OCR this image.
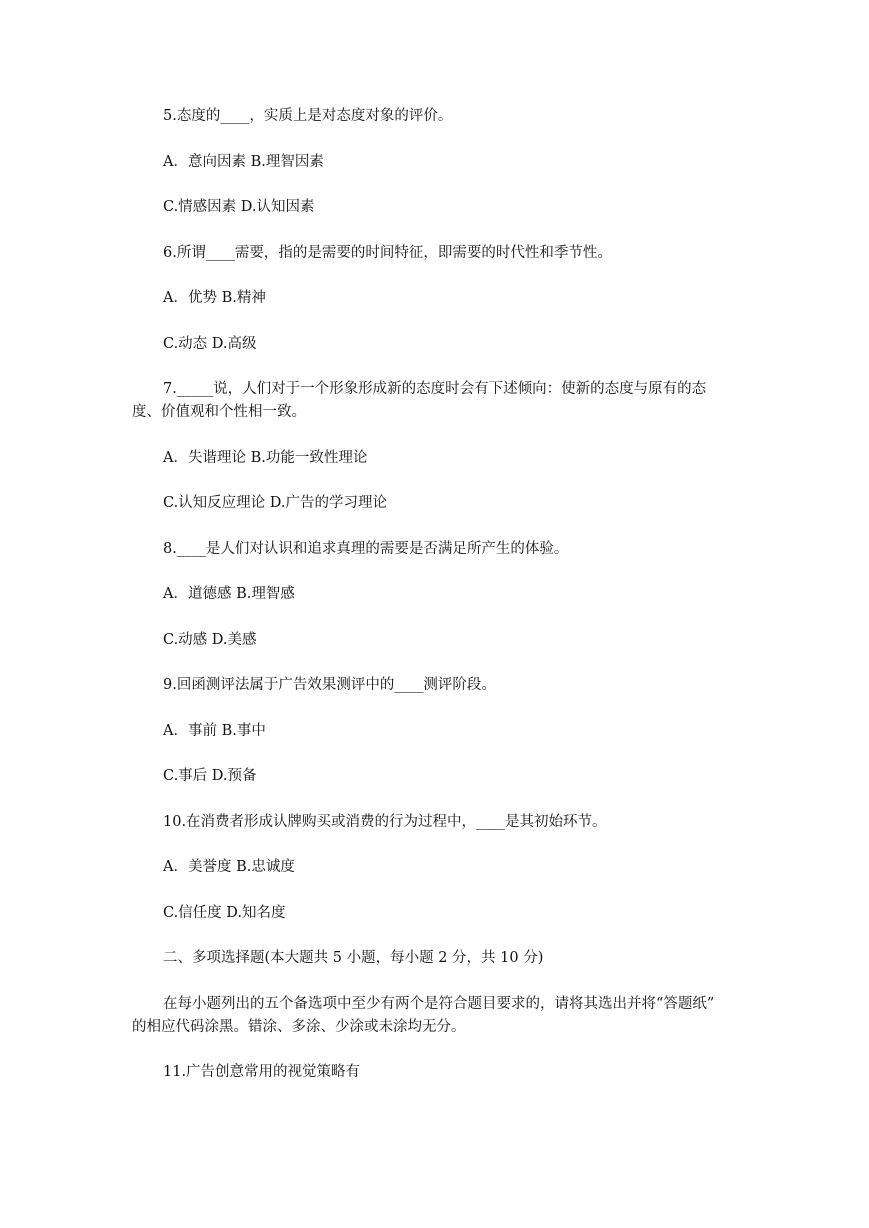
5.态度的____，实质上是对态度对象的评价。
A．意向因素 B.理智因素
C.情感因素 D.认知因素
6.所谓____需要，指的是需要的时间特征，即需要的时代性和季节性。
A．优势 B.精神
C.动态 D.高级
7._____说，人们对于一个形象形成新的态度时会有下述倾向：使新的态度与原有的态
度、价值观和个性相一致。
A．失谐理论 B.功能一致性理论
C.认知反应理论 D.广告的学习理论
8.____是人们对认识和追求真理的需要是否满足所产生的体验。
A．道德感 B.理智感
C.动感 D.美感
9.回函测评法属于广告效果测评中的____测评阶段。
A．事前 B.事中
C.事后 D.预备
10.在消费者形成认牌购买或消费的行为过程中，____是其初始环节。
A．美誉度 B.忠诚度
C.信任度 D.知名度
二、多项选择题(本大题共 5 小题，每小题 2 分，共 10 分)
在每小题列出的五个备选项中至少有两个是符合题目要求的，请将其选出并将“答题纸”
的相应代码涂黑。错涂、多涂、少涂或未涂均无分。
11.广告创意常用的视觉策略有
